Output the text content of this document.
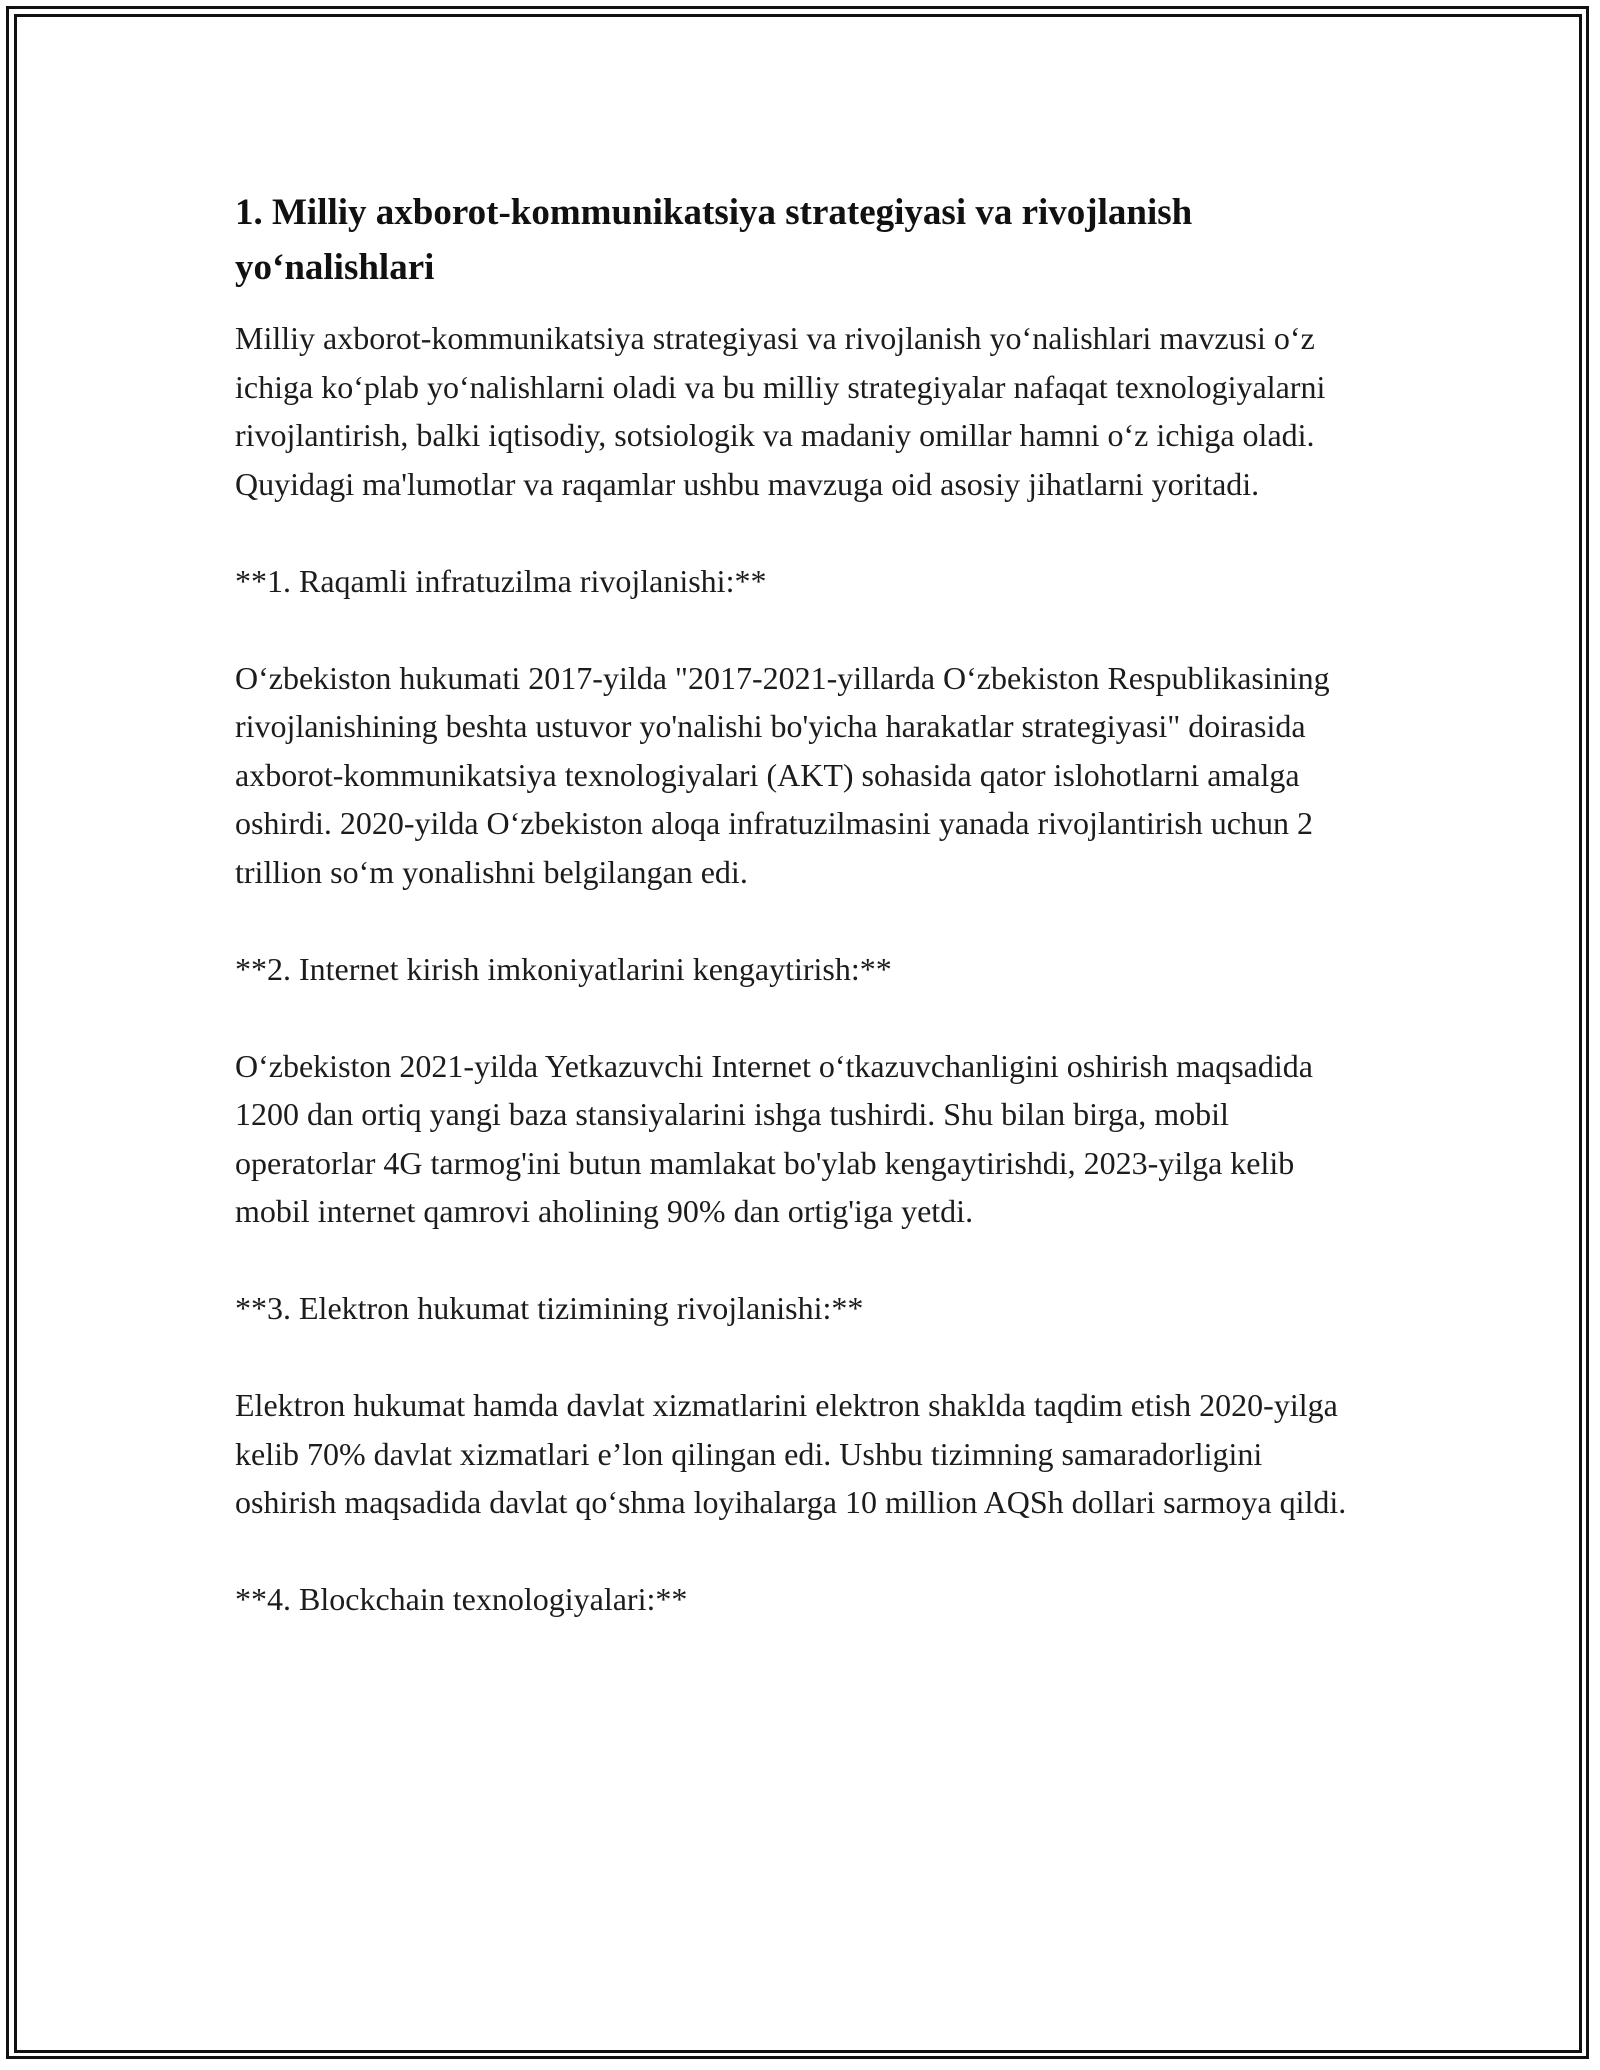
1. Milliy axborot-kommunikatsiya strategiyasi va rivojlanish yo‘nalishlari

Milliy axborot-kommunikatsiya strategiyasi va rivojlanish yo‘nalishlari mavzusi o‘z ichiga ko‘plab yo‘nalishlarni oladi va bu milliy strategiyalar nafaqat texnologiyalarni rivojlantirish, balki iqtisodiy, sotsiologik va madaniy omillar hamni o‘z ichiga oladi. Quyidagi ma'lumotlar va raqamlar ushbu mavzuga oid asosiy jihatlarni yoritadi.

**1. Raqamli infratuzilma rivojlanishi:**

O‘zbekiston hukumati 2017-yilda "2017-2021-yillarda O‘zbekiston Respublikasining rivojlanishining beshta ustuvor yo'nalishi bo'yicha harakatlar strategiyasi" doirasida axborot-kommunikatsiya texnologiyalari (AKT) sohasida qator islohotlarni amalga oshirdi. 2020-yilda O‘zbekiston aloqa infratuzilmasini yanada rivojlantirish uchun 2 trillion so‘m yonalishni belgilangan edi.

**2. Internet kirish imkoniyatlarini kengaytirish:**

O‘zbekiston 2021-yilda Yetkazuvchi Internet o‘tkazuvchanligini oshirish maqsadida 1200 dan ortiq yangi baza stansiyalarini ishga tushirdi. Shu bilan birga, mobil operatorlar 4G tarmog'ini butun mamlakat bo'ylab kengaytirishdi, 2023-yilga kelib mobil internet qamrovi aholining 90% dan ortig'iga yetdi.

**3. Elektron hukumat tizimining rivojlanishi:**

Elektron hukumat hamda davlat xizmatlarini elektron shaklda taqdim etish 2020-yilga kelib 70% davlat xizmatlari e’lon qilingan edi. Ushbu tizimning samaradorligini oshirish maqsadida davlat qo‘shma loyihalarga 10 million AQSh dollari sarmoya qildi.

**4. Blockchain texnologiyalari:**
